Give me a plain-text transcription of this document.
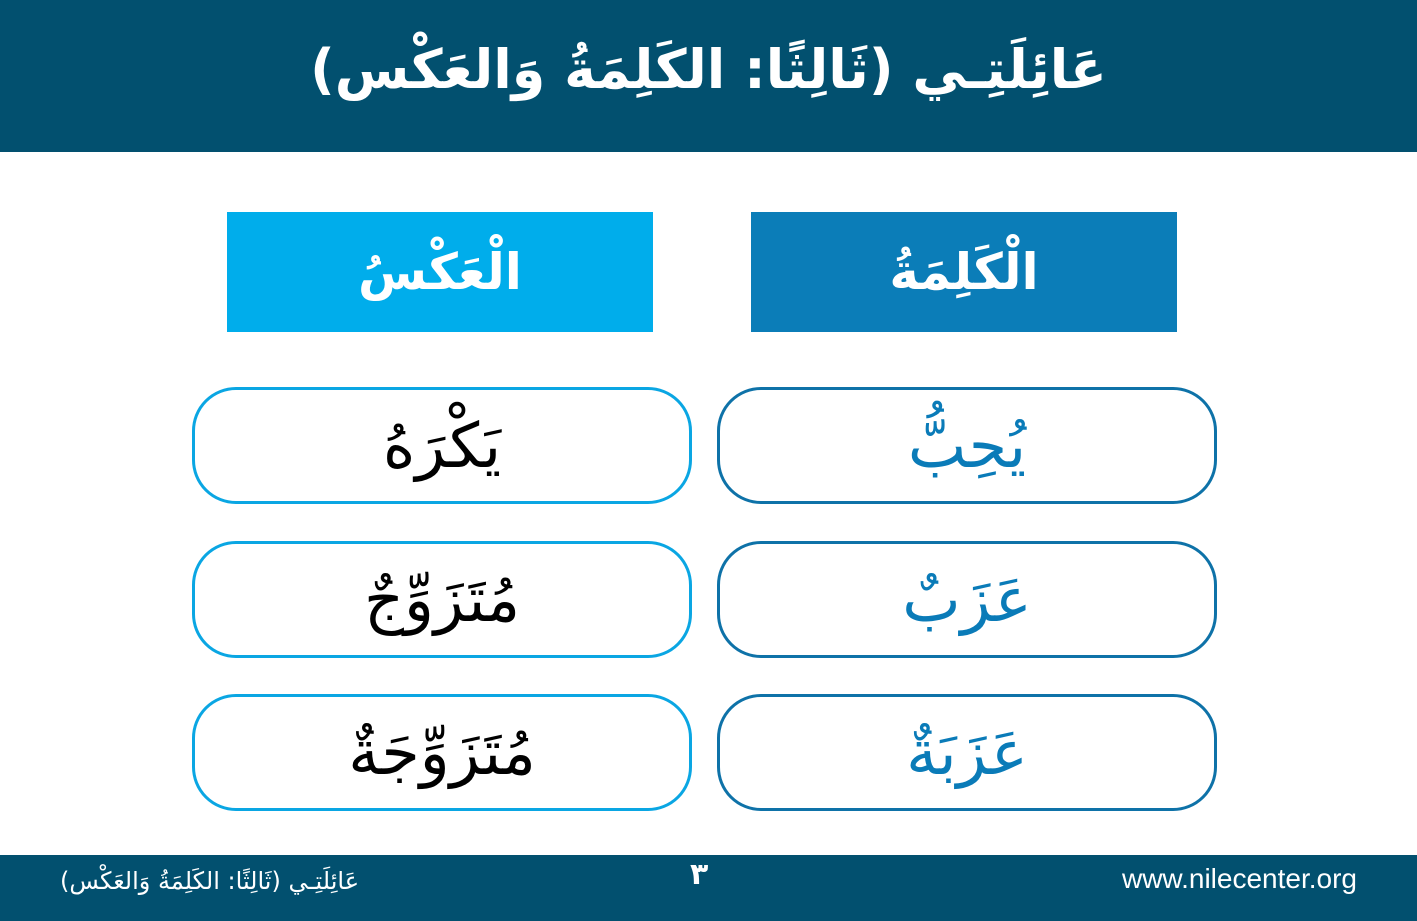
عَائِلَتِـي (ثَالِثًا: الكَلِمَةُ وَالعَكْس)
الْكَلِمَةُ
الْعَكْسُ
يُحِبُّ
يَكْرَهُ
عَزَبٌ
مُتَزَوِّجٌ
عَزَبَةٌ
مُتَزَوِّجَةٌ
عَائِلَتِـي (ثَالِثًا: الكَلِمَةُ وَالعَكْس)	٣	www.nilecenter.org
